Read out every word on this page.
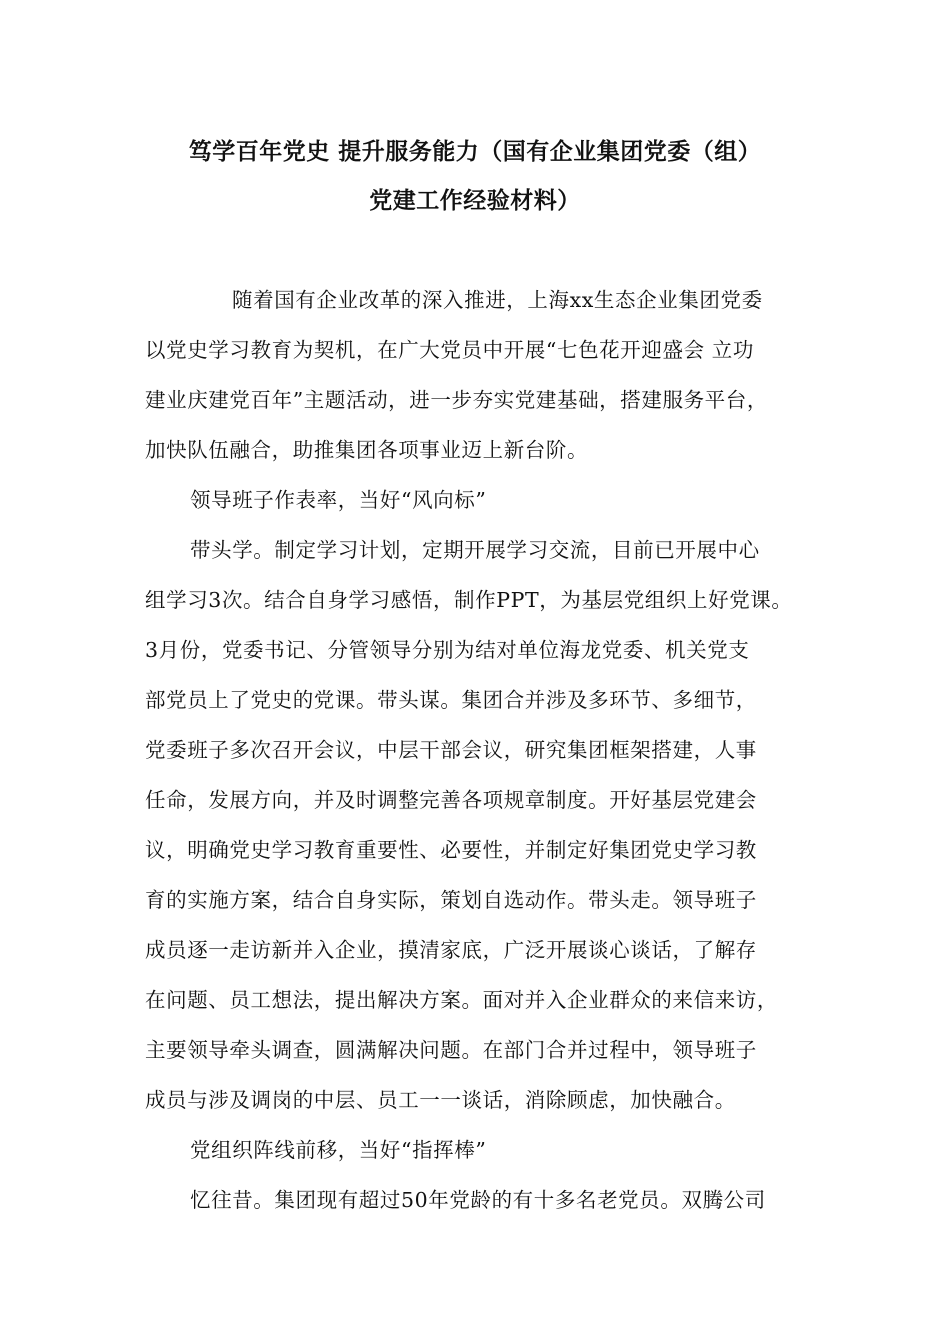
笃学百年党史 提升服务能力（国有企业集团党委（组）
党建工作经验材料）
随着国有企业改革的深入推进，上海xx生态企业集团党委
以党史学习教育为契机，在广大党员中开展“七色花开迎盛会 立功
建业庆建党百年”主题活动，进一步夯实党建基础，搭建服务平台，
加快队伍融合，助推集团各项事业迈上新台阶。
领导班子作表率，当好“风向标”
带头学。制定学习计划，定期开展学习交流，目前已开展中心
组学习3次。结合自身学习感悟，制作PPT，为基层党组织上好党课。
3月份，党委书记、分管领导分别为结对单位海龙党委、机关党支
部党员上了党史的党课。带头谋。集团合并涉及多环节、多细节，
党委班子多次召开会议，中层干部会议，研究集团框架搭建，人事
任命，发展方向，并及时调整完善各项规章制度。开好基层党建会
议，明确党史学习教育重要性、必要性，并制定好集团党史学习教
育的实施方案，结合自身实际，策划自选动作。带头走。领导班子
成员逐一走访新并入企业，摸清家底，广泛开展谈心谈话，了解存
在问题、员工想法，提出解决方案。面对并入企业群众的来信来访，
主要领导牵头调查，圆满解决问题。在部门合并过程中，领导班子
成员与涉及调岗的中层、员工一一谈话，消除顾虑，加快融合。
党组织阵线前移，当好“指挥棒”
忆往昔。集团现有超过50年党龄的有十多名老党员。双腾公司
